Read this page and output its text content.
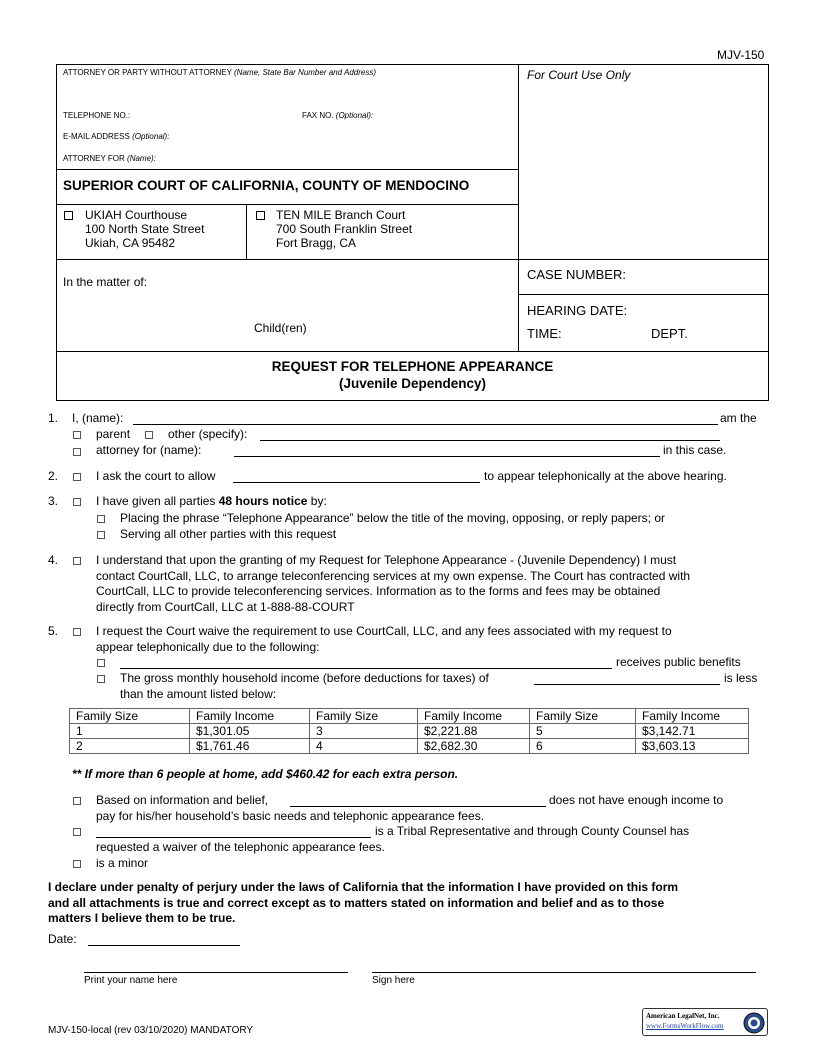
MJV-150
ATTORNEY OR PARTY WITHOUT ATTORNEY (Name, State Bar Number and Address)
TELEPHONE NO.:	FAX NO. (Optional):
E-MAIL ADDRESS (Optional):
ATTORNEY FOR (Name):
For Court Use Only
SUPERIOR COURT OF CALIFORNIA, COUNTY OF MENDOCINO
UKIAH Courthouse
100 North State Street
Ukiah, CA 95482
TEN MILE Branch Court
700 South Franklin Street
Fort Bragg, CA
In the matter of:
Child(ren)
CASE NUMBER:
HEARING DATE:
TIME:	DEPT.
REQUEST FOR TELEPHONE APPEARANCE
(Juvenile Dependency)
1. I, (name):	am the
parent	other (specify):
attorney for (name):	in this case.
2.	I ask the court to allow	to appear telephonically at the above hearing.
3.	I have given all parties 48 hours notice by:
Placing the phrase “Telephone Appearance” below the title of the moving, opposing, or reply papers; or
Serving all other parties with this request
4.	I understand that upon the granting of my Request for Telephone Appearance - (Juvenile Dependency) I must
contact CourtCall, LLC, to arrange teleconferencing services at my own expense. The Court has contracted with
CourtCall, LLC to provide teleconferencing services. Information as to the forms and fees may be obtained
directly from CourtCall, LLC at 1-888-88-COURT
5.	I request the Court waive the requirement to use CourtCall, LLC, and any fees associated with my request to
appear telephonically due to the following:
receives public benefits
The gross monthly household income (before deductions for taxes) of	is less
than the amount listed below:
Family Size	Family Income	Family Size	Family Income	Family Size	Family Income
1	$1,301.05	3	$2,221.88	5	$3,142.71
2	$1,761.46	4	$2,682.30	6	$3,603.13
** If more than 6 people at home, add $460.42 for each extra person.
Based on information and belief,	does not have enough income to
pay for his/her household’s basic needs and telephonic appearance fees.
is a Tribal Representative and through County Counsel has
requested a waiver of the telephonic appearance fees.
is a minor
I declare under penalty of perjury under the laws of California that the information I have provided on this form
and all attachments is true and correct except as to matters stated on information and belief and as to those
matters I believe them to be true.
Date:
Print your name here	Sign here
MJV-150-local (rev 03/10/2020) MANDATORY
American LegalNet, Inc.
www.FormsWorkFlow.com
